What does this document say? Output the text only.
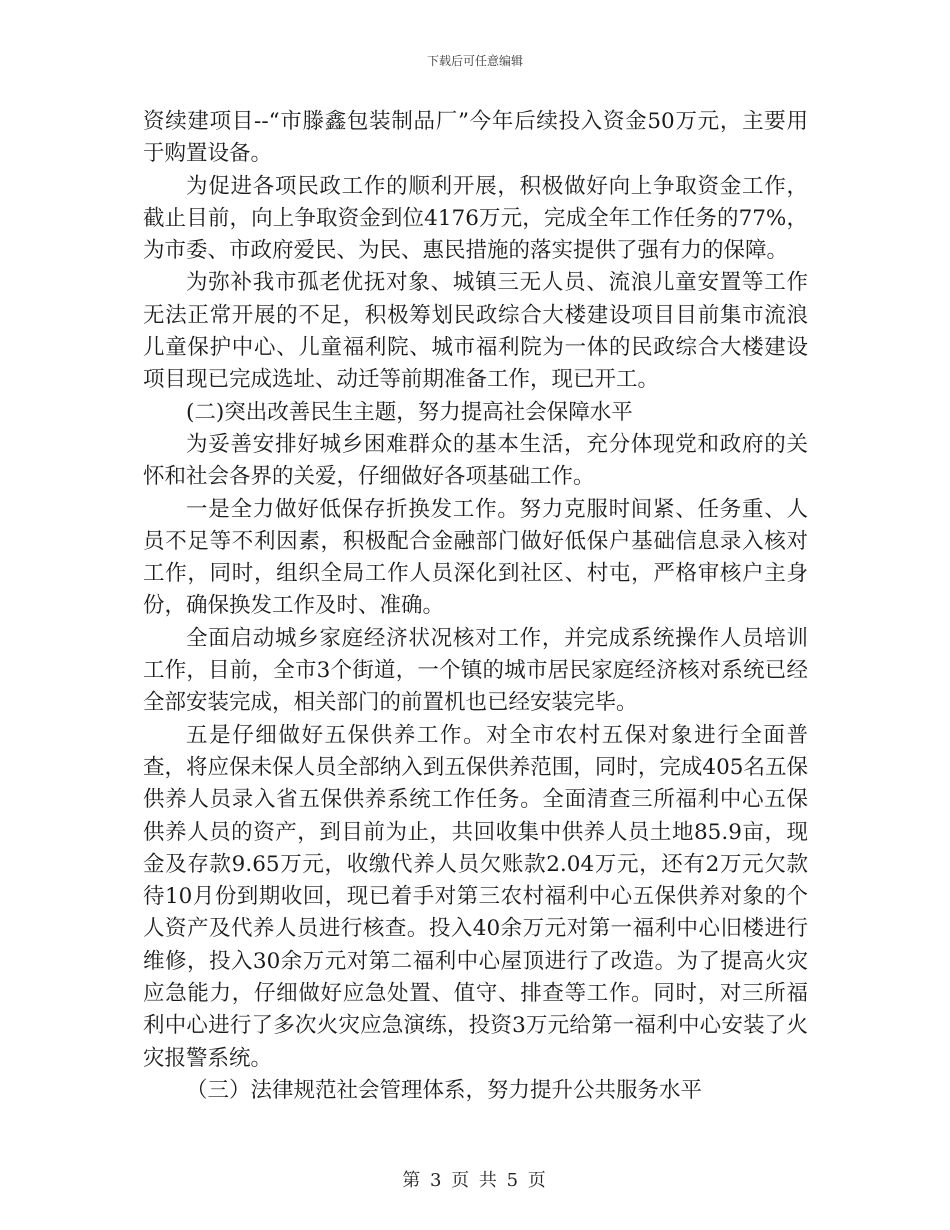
下载后可任意编辑

资续建项目--“市滕鑫包装制品厂”今年后续投入资金50万元，主要用于购置设备。

为促进各项民政工作的顺利开展，积极做好向上争取资金工作，截止目前，向上争取资金到位4176万元，完成全年工作任务的77%，为市委、市政府爱民、为民、惠民措施的落实提供了强有力的保障。

为弥补我市孤老优抚对象、城镇三无人员、流浪儿童安置等工作无法正常开展的不足，积极筹划民政综合大楼建设项目目前集市流浪儿童保护中心、儿童福利院、城市福利院为一体的民政综合大楼建设项目现已完成选址、动迁等前期准备工作，现已开工。

(二)突出改善民生主题，努力提高社会保障水平

为妥善安排好城乡困难群众的基本生活，充分体现党和政府的关怀和社会各界的关爱，仔细做好各项基础工作。

一是全力做好低保存折换发工作。努力克服时间紧、任务重、人员不足等不利因素，积极配合金融部门做好低保户基础信息录入核对工作，同时，组织全局工作人员深化到社区、村屯，严格审核户主身份，确保换发工作及时、准确。

全面启动城乡家庭经济状况核对工作，并完成系统操作人员培训工作，目前，全市3个街道，一个镇的城市居民家庭经济核对系统已经全部安装完成，相关部门的前置机也已经安装完毕。

五是仔细做好五保供养工作。对全市农村五保对象进行全面普查，将应保未保人员全部纳入到五保供养范围，同时，完成405名五保供养人员录入省五保供养系统工作任务。全面清查三所福利中心五保供养人员的资产，到目前为止，共回收集中供养人员土地85.9亩，现金及存款9.65万元，收缴代养人员欠账款2.04万元，还有2万元欠款待10月份到期收回，现已着手对第三农村福利中心五保供养对象的个人资产及代养人员进行核查。投入40余万元对第一福利中心旧楼进行维修，投入30余万元对第二福利中心屋顶进行了改造。为了提高火灾应急能力，仔细做好应急处置、值守、排查等工作。同时，对三所福利中心进行了多次火灾应急演练，投资3万元给第一福利中心安装了火灾报警系统。

（三）法律规范社会管理体系，努力提升公共服务水平

第 3 页 共 5 页
